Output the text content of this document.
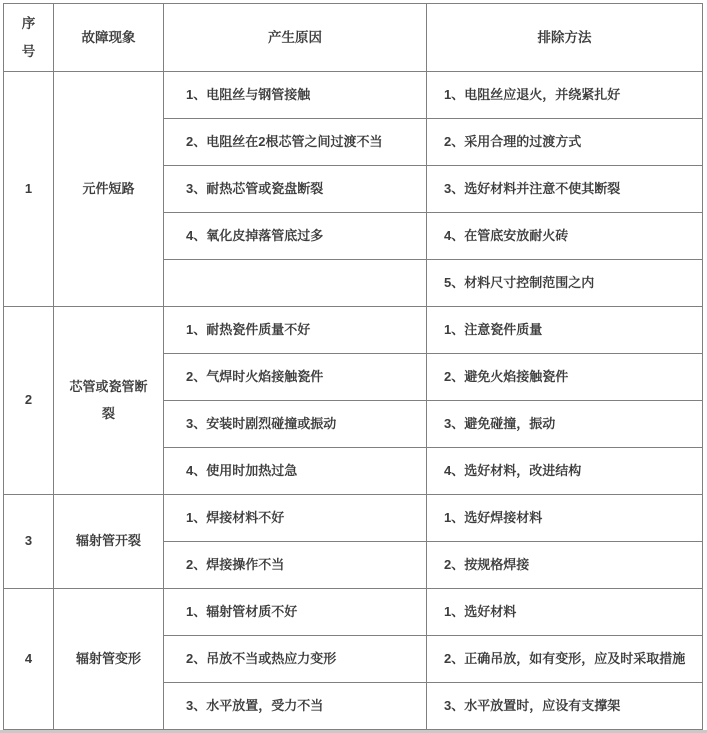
序号	故障现象	产生原因	排除方法
1	元件短路	1、电阻丝与钢管接触	1、电阻丝应退火，并绕紧扎好
		2、电阻丝在2根芯管之间过渡不当	2、采用合理的过渡方式
		3、耐热芯管或瓷盘断裂	3、选好材料并注意不使其断裂
		4、氧化皮掉落管底过多	4、在管底安放耐火砖
			5、材料尺寸控制范围之内
2	芯管或瓷管断裂	1、耐热瓷件质量不好	1、注意瓷件质量
		2、气焊时火焰接触瓷件	2、避免火焰接触瓷件
		3、安装时剧烈碰撞或振动	3、避免碰撞，振动
		4、使用时加热过急	4、选好材料，改进结构
3	辐射管开裂	1、焊接材料不好	1、选好焊接材料
		2、焊接操作不当	2、按规格焊接
4	辐射管变形	1、辐射管材质不好	1、选好材料
		2、吊放不当或热应力变形	2、正确吊放，如有变形，应及时采取措施
		3、水平放置，受力不当	3、水平放置时，应设有支撑架
